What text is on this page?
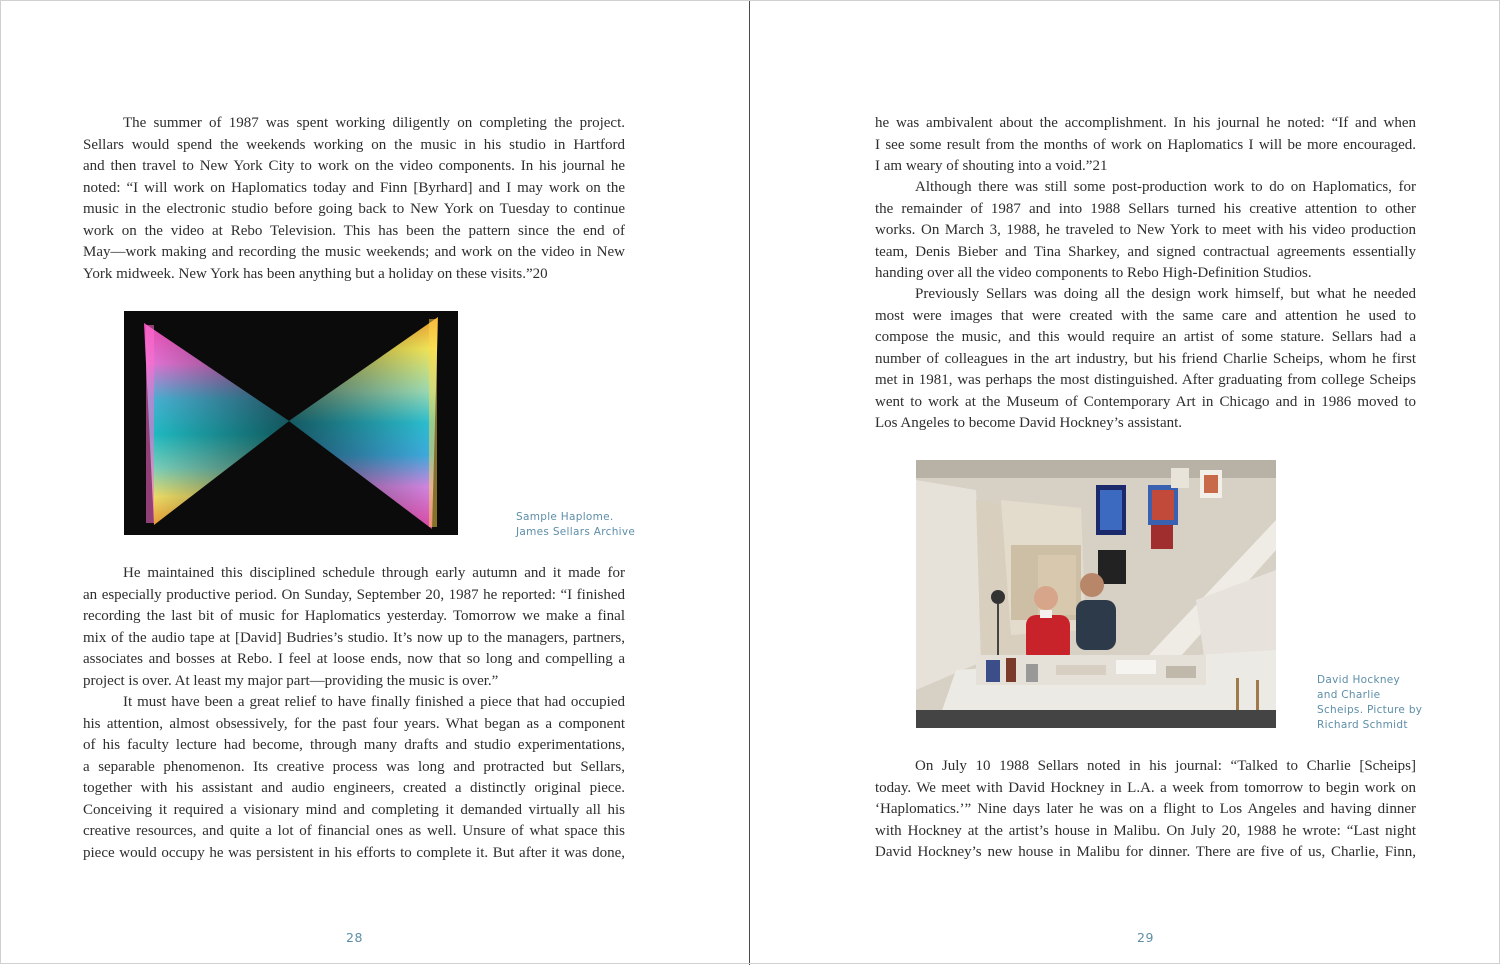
The summer of 1987 was spent working diligently on completing the project.
Sellars would spend the weekends working on the music in his studio in Hartford
and then travel to New York City to work on the video components. In his journal he
noted: “I will work on Haplomatics today and Finn [Byrhard] and I may work on the
music in the electronic studio before going back to New York on Tuesday to continue
work on the video at Rebo Television. This has been the pattern since the end of
May—work making and recording the music weekends; and work on the video in New
York midweek. New York has been anything but a holiday on these visits.”20
Sample Haplome.
James Sellars Archive
He maintained this disciplined schedule through early autumn and it made for
an especially productive period. On Sunday, September 20, 1987 he reported: “I finished
recording the last bit of music for Haplomatics yesterday. Tomorrow we make a final
mix of the audio tape at [David] Budries’s studio. It’s now up to the managers, partners,
associates and bosses at Rebo. I feel at loose ends, now that so long and compelling a
project is over. At least my major part—providing the music is over.”
It must have been a great relief to have finally finished a piece that had occupied
his attention, almost obsessively, for the past four years. What began as a component
of his faculty lecture had become, through many drafts and studio experimentations,
a separable phenomenon. Its creative process was long and protracted but Sellars,
together with his assistant and audio engineers, created a distinctly original piece.
Conceiving it required a visionary mind and completing it demanded virtually all his
creative resources, and quite a lot of financial ones as well. Unsure of what space this
piece would occupy he was persistent in his efforts to complete it. But after it was done,
28
he was ambivalent about the accomplishment. In his journal he noted: “If and when
I see some result from the months of work on Haplomatics I will be more encouraged.
I am weary of shouting into a void.”21
Although there was still some post-production work to do on Haplomatics, for
the remainder of 1987 and into 1988 Sellars turned his creative attention to other
works. On March 3, 1988, he traveled to New York to meet with his video production
team, Denis Bieber and Tina Sharkey, and signed contractual agreements essentially
handing over all the video components to Rebo High-Definition Studios.
Previously Sellars was doing all the design work himself, but what he needed
most were images that were created with the same care and attention he used to
compose the music, and this would require an artist of some stature. Sellars had a
number of colleagues in the art industry, but his friend Charlie Scheips, whom he first
met in 1981, was perhaps the most distinguished. After graduating from college Scheips
went to work at the Museum of Contemporary Art in Chicago and in 1986 moved to
Los Angeles to become David Hockney’s assistant.
David Hockney
and Charlie
Scheips. Picture by
Richard Schmidt
On July 10 1988 Sellars noted in his journal: “Talked to Charlie [Scheips]
today. We meet with David Hockney in L.A. a week from tomorrow to begin work on
‘Haplomatics.’” Nine days later he was on a flight to Los Angeles and having dinner
with Hockney at the artist’s house in Malibu. On July 20, 1988 he wrote: “Last night
David Hockney’s new house in Malibu for dinner. There are five of us, Charlie, Finn,
29
